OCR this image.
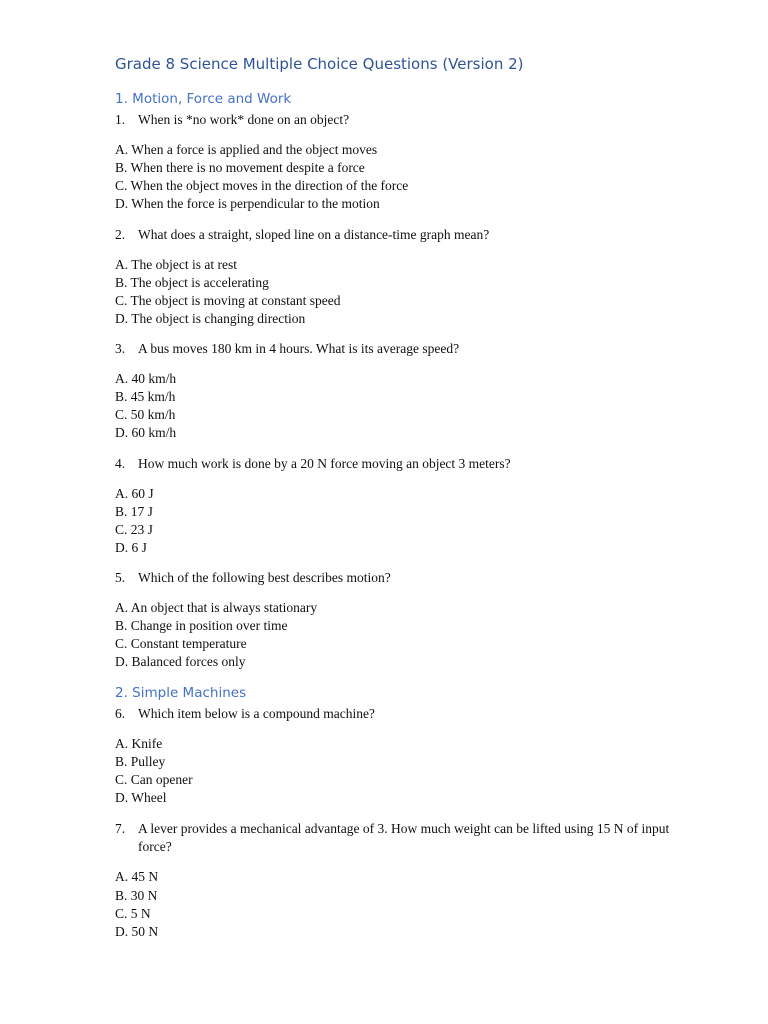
Grade 8 Science Multiple Choice Questions (Version 2)
1. Motion, Force and Work
1. When is *no work* done on an object?
A. When a force is applied and the object moves
B. When there is no movement despite a force
C. When the object moves in the direction of the force
D. When the force is perpendicular to the motion
2. What does a straight, sloped line on a distance-time graph mean?
A. The object is at rest
B. The object is accelerating
C. The object is moving at constant speed
D. The object is changing direction
3. A bus moves 180 km in 4 hours. What is its average speed?
A. 40 km/h
B. 45 km/h
C. 50 km/h
D. 60 km/h
4. How much work is done by a 20 N force moving an object 3 meters?
A. 60 J
B. 17 J
C. 23 J
D. 6 J
5. Which of the following best describes motion?
A. An object that is always stationary
B. Change in position over time
C. Constant temperature
D. Balanced forces only
2. Simple Machines
6. Which item below is a compound machine?
A. Knife
B. Pulley
C. Can opener
D. Wheel
7. A lever provides a mechanical advantage of 3. How much weight can be lifted using 15 N of input force?
A. 45 N
B. 30 N
C. 5 N
D. 50 N
